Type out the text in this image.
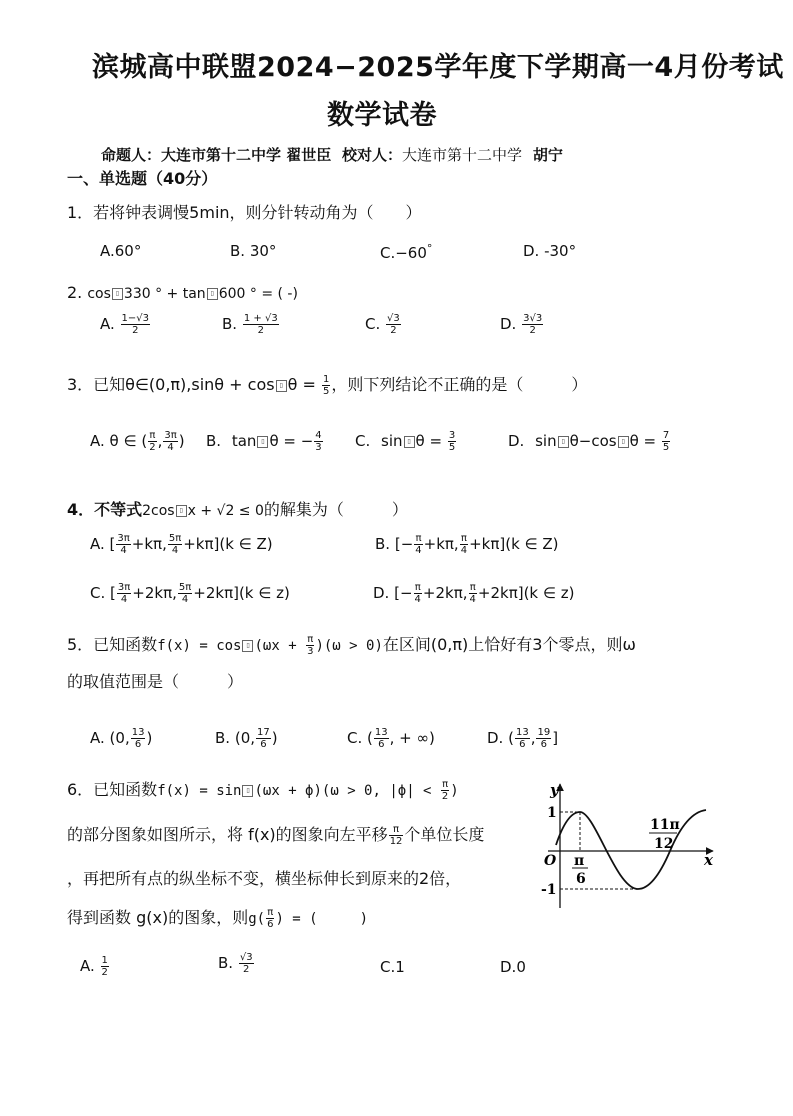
滨城高中联盟2024−2025学年度下学期高一4月份考试
数学试卷
命题人：大连市第十二中学 翟世臣 校对人：大连市第十二中学 胡宁
一、单选题（40分）
1．若将钟表调慢5min，则分针转动角为（　　）
A.60°	B. 30°	C.−60°	D. -30°
2. cos ▯ 330 ° + tan ▯ 600 ° = ( -)
A. $\frac{1-√3}{2}$	B. $\frac{1 + √3}{2}$	C. $\frac{√3}{2}$	D. $\frac{3√3}{2}$
3．已知θ∈(0,π),sinθ + cos ▯ $\theta = \frac{1}{5}$ ，则下列结论不正确的是（　　　）
A. θ ∈ ( $\frac{\pi}{2}$ , $\frac{3\pi}{4}$ ) B. tan ▯ θ = − $\frac{4}{3} C$. sin ▯ $\theta = \frac{3}{5}$	D. sin ▯ θ−cos ▯ $\theta = \frac{7}{5}$
4．不等式2cos ▯ x + √2 ≤ 0的解集为（　　　）
A. [ $\frac{3\pi}{4} +k\pi$, $\frac{5\pi}{4} +k\pi](k$ ∈ Z)	B. [− $\frac{\pi}{4} +k\pi$, $\frac{\pi}{4} +k\pi](k$ ∈ Z)
C. [ $\frac{3\pi}{4} +2k\pi$, $\frac{5\pi}{4} +2k\pi](k$ ∈ z)	D. [− $\frac{\pi}{4} +2k\pi$, $\frac{\pi}{4} +2k\pi](k$ ∈ z)
5．已知函数f(x) = cos ▯ $(\omega x + \frac{\pi}{3} )(\omega > 0)$在区间(0,π)上恰好有3个零点，则ω
的取值范围是（　　　）
A. (0, $\frac{13}{6}$ )	B. (0, $\frac{17}{6}$ )	C. ( $\frac{13}{6}$ , + ∞)	D. ( $\frac{13}{6}$ , $\frac{19}{6}$ ]
6．已知函数f(x) = sin ▯ (ωx + ϕ)(ω > 0, $|\phi| < \frac{\pi}{2}$ )
的部分图象如图所示，将 f(x)的图象向左平移 $\frac{\pi}{12}$ 个单位长度
，再把所有点的纵坐标不变，横坐标伸长到原来的2倍，
得到函数 g(x)的图象，则$g( \frac{\pi}{6}$ ) = (　　　)
A. $\frac{1}{2}$	B. $\frac{√3}{2}$	C.1	D.0
y
x
O
1
-1
π
6
11π
12
